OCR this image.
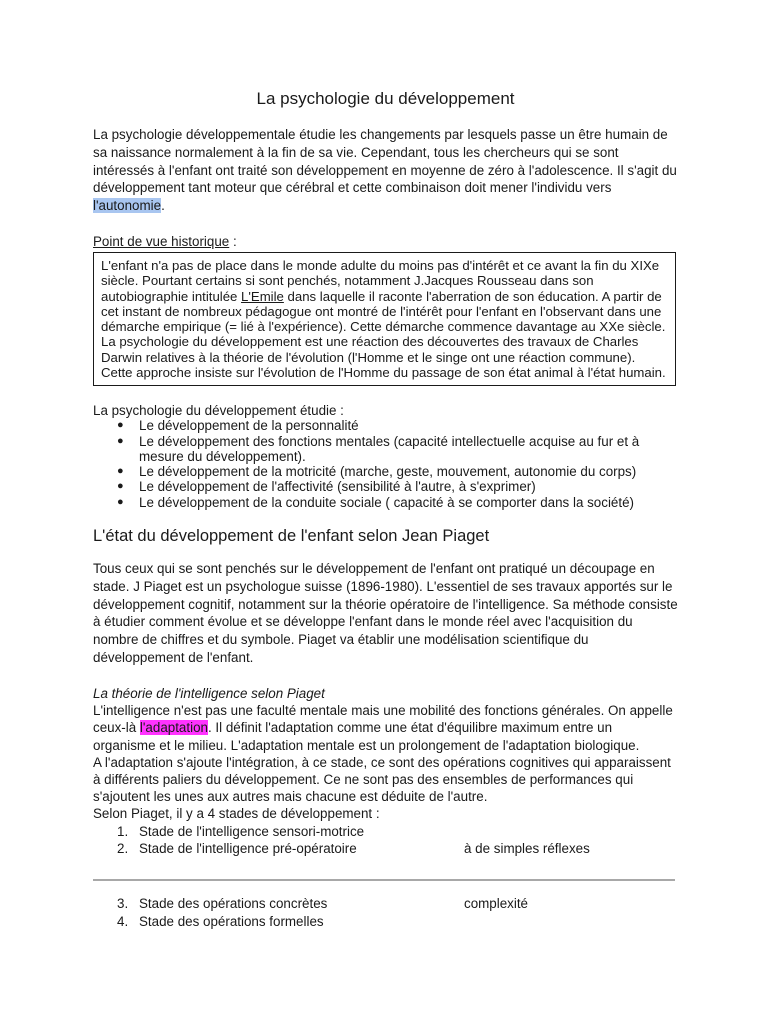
La psychologie du développement

La psychologie développementale étudie les changements par lesquels passe un être humain de sa naissance normalement à la fin de sa vie. Cependant, tous les chercheurs qui se sont intéressés à l'enfant ont traité son développement en moyenne de zéro à l'adolescence. Il s'agit du développement tant moteur que cérébral et cette combinaison doit mener l'individu vers l'autonomie.

Point de vue historique :
L'enfant n'a pas de place dans le monde adulte du moins pas d'intérêt et ce avant la fin du XIXe siècle. Pourtant certains si sont penchés, notamment J.Jacques Rousseau dans son autobiographie intitulée L'Emile dans laquelle il raconte l'aberration de son éducation. A partir de cet instant de nombreux pédagogue ont montré de l'intérêt pour l'enfant en l'observant dans une démarche empirique (= lié à l'expérience). Cette démarche commence davantage au XXe siècle. La psychologie du développement est une réaction des découvertes des travaux de Charles Darwin relatives à la théorie de l'évolution (l'Homme et le singe ont une réaction commune). Cette approche insiste sur l'évolution de l'Homme du passage de son état animal à l'état humain.

La psychologie du développement étudie :

● Le développement de la personnalité
● Le développement des fonctions mentales (capacité intellectuelle acquise au fur et à mesure du développement).
● Le développement de la motricité (marche, geste, mouvement, autonomie du corps)
● Le développement de l'affectivité (sensibilité à l'autre, à s'exprimer)
● Le développement de la conduite sociale ( capacité à se comporter dans la société)
L'état du développement de l'enfant selon Jean Piaget

Tous ceux qui se sont penchés sur le développement de l'enfant ont pratiqué un découpage en stade. J Piaget est un psychologue suisse (1896-1980). L'essentiel de ses travaux apportés sur le développement cognitif, notamment sur la théorie opératoire de l'intelligence. Sa méthode consiste à étudier comment évolue et se développe l'enfant dans le monde réel avec l'acquisition du nombre de chiffres et du symbole. Piaget va établir une modélisation scientifique du développement de l'enfant.

La théorie de l'intelligence selon Piaget

L'intelligence n'est pas une faculté mentale mais une mobilité des fonctions générales. On appelle ceux-là l'adaptation. Il définit l'adaptation comme une état d'équilibre maximum entre un organisme et le milieu. L'adaptation mentale est un prolongement de l'adaptation biologique.

A l'adaptation s'ajoute l'intégration, à ce stade, ce sont des opérations cognitives qui apparaissent à différents paliers du développement. Ce ne sont pas des ensembles de performances qui s'ajoutent les unes aux autres mais chacune est déduite de l'autre.

Selon Piaget, il y a 4 stades de développement :

1. Stade de l'intelligence sensori-motrice
2. Stade de l'intelligence pré-opératoire	à de simples réflexes
3. Stade des opérations concrètes	complexité
4. Stade des opérations formelles
